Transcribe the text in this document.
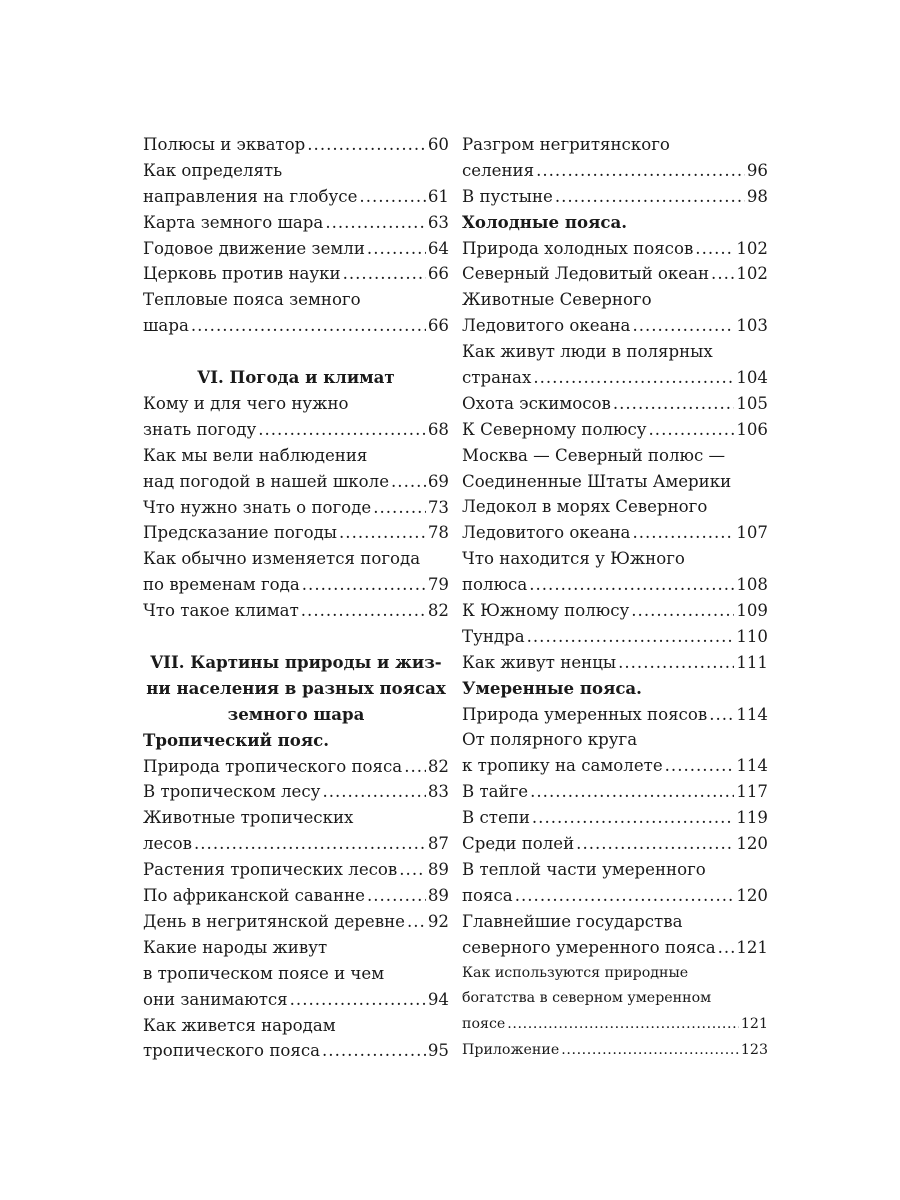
Полюсы и экватор .....	60
Как определять
направления на глобусе .....	61
Карта земного шара .....	63
Годовое движение земли .....	64
Церковь против науки .....	66
Тепловые пояса земного
шара .....	66
VI. Погода и климат
Кому и для чего нужно
знать погоду .....	68
Как мы вели наблюдения
над погодой в нашей школе ..... 69
Что нужно знать о погоде .....	73
Предсказание погоды .....	78
Как обычно изменяется погода
по временам года .....	79
Что такое климат .....	82
VII. Картины природы и жиз-
ни населения в разных поясах
земного шара
Тропический пояс.
Природа тропического пояса ..... 82
В тропическом лесу .....	83
Животные тропических
лесов .....	87
Растения тропических лесов ..... 89
По африканской саванне .....	89
День в негритянской деревне ..... 92
Какие народы живут
в тропическом поясе и чем
они занимаются .....	94
Как живется народам
тропического пояса .....	95
Разгром негритянского
селения .....	96
В пустыне .....	98
Холодные пояса.
Природа холодных поясов .....	102
Северный Ледовитый океан ..... 102
Животные Северного
Ледовитого океана .....	103
Как живут люди в полярных
странах .....	104
Охота эскимосов .....	105
К Северному полюсу .....	106
Москва — Северный полюс —
Соединенные Штаты Америки
Ледокол в морях Северного
Ледовитого океана .....	107
Что находится у Южного
полюса .....	108
К Южному полюсу .....	109
Тундра .....	110
Как живут ненцы .....	111
Умеренные пояса.
Природа умеренных поясов ..... 114
От полярного круга
к тропику на самолете .....	114
В тайге .....	117
В степи .....	119
Среди полей .....	120
В теплой части умеренного
пояса .....	120
Главнейшие государства
северного умеренного пояса ..... 121
Как используются природные
богатства в северном умеренном
поясе .....	121
Приложение .....	123
